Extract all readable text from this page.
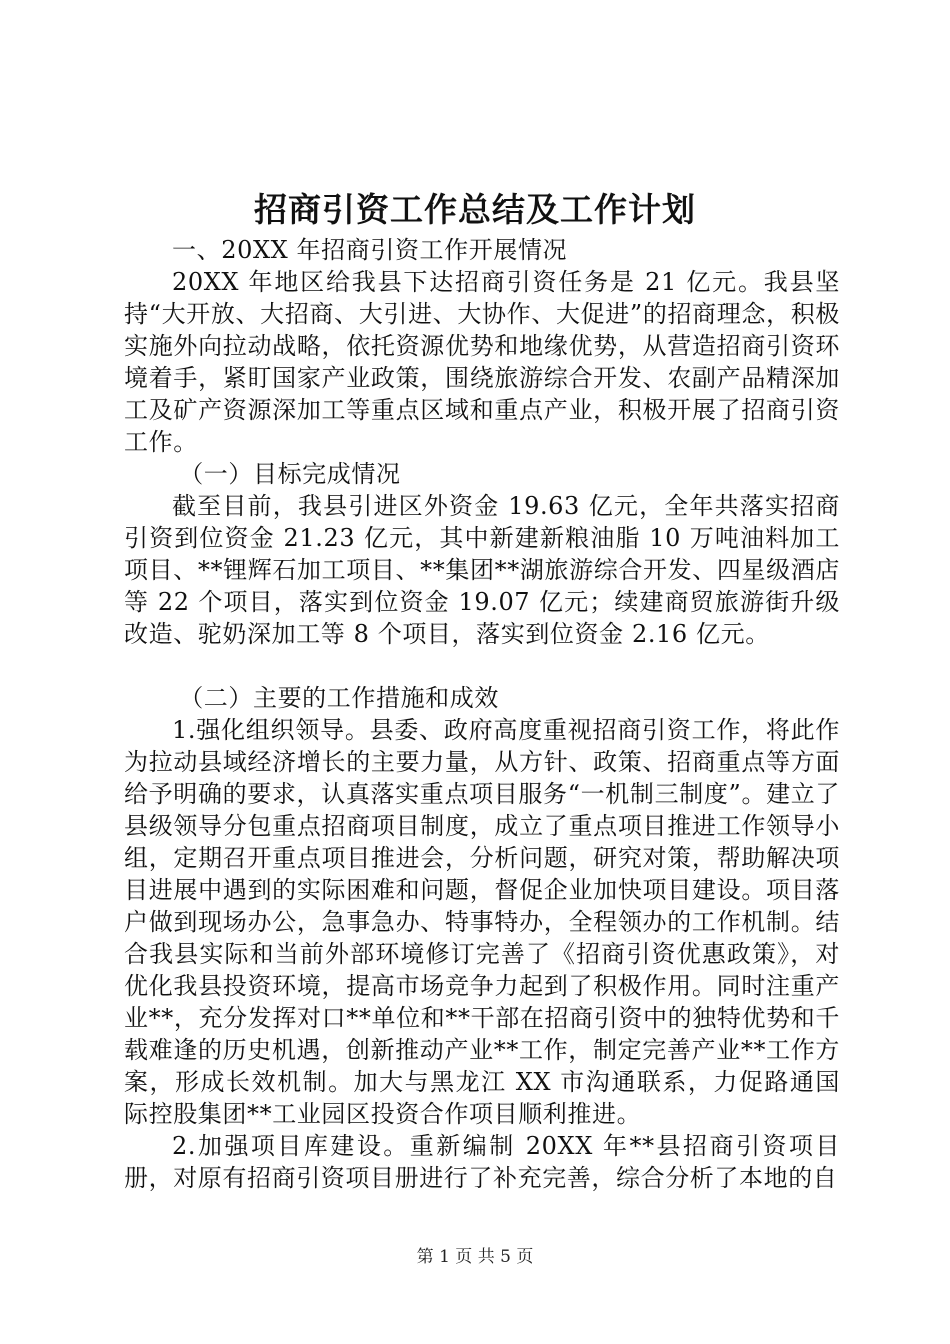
招商引资工作总结及工作计划

一、20XX 年招商引资工作开展情况

20XX 年地区给我县下达招商引资任务是 21 亿元。我县坚持“大开放、大招商、大引进、大协作、大促进”的招商理念，积极实施外向拉动战略，依托资源优势和地缘优势，从营造招商引资环境着手，紧盯国家产业政策，围绕旅游综合开发、农副产品精深加工及矿产资源深加工等重点区域和重点产业，积极开展了招商引资工作。

（一）目标完成情况

截至目前，我县引进区外资金 19.63 亿元，全年共落实招商引资到位资金 21.23 亿元，其中新建新粮油脂 10 万吨油料加工项目、**锂辉石加工项目、**集团**湖旅游综合开发、四星级酒店等 22 个项目，落实到位资金 19.07 亿元；续建商贸旅游街升级改造、驼奶深加工等 8 个项目，落实到位资金 2.16 亿元。

（二）主要的工作措施和成效

1.强化组织领导。县委、政府高度重视招商引资工作，将此作为拉动县域经济增长的主要力量，从方针、政策、招商重点等方面给予明确的要求，认真落实重点项目服务“一机制三制度”。建立了县级领导分包重点招商项目制度，成立了重点项目推进工作领导小组，定期召开重点项目推进会，分析问题，研究对策，帮助解决项目进展中遇到的实际困难和问题，督促企业加快项目建设。项目落户做到现场办公，急事急办、特事特办，全程领办的工作机制。结合我县实际和当前外部环境修订完善了《招商引资优惠政策》，对优化我县投资环境，提高市场竞争力起到了积极作用。同时注重产业**，充分发挥对口**单位和**干部在招商引资中的独特优势和千载难逢的历史机遇，创新推动产业**工作，制定完善产业**工作方案，形成长效机制。加大与黑龙江 XX 市沟通联系，力促路通国际控股集团**工业园区投资合作项目顺利推进。

2.加强项目库建设。重新编制 20XX 年**县招商引资项目册，对原有招商引资项目册进行了补充完善，综合分析了本地的自

第 1 页 共 5 页
